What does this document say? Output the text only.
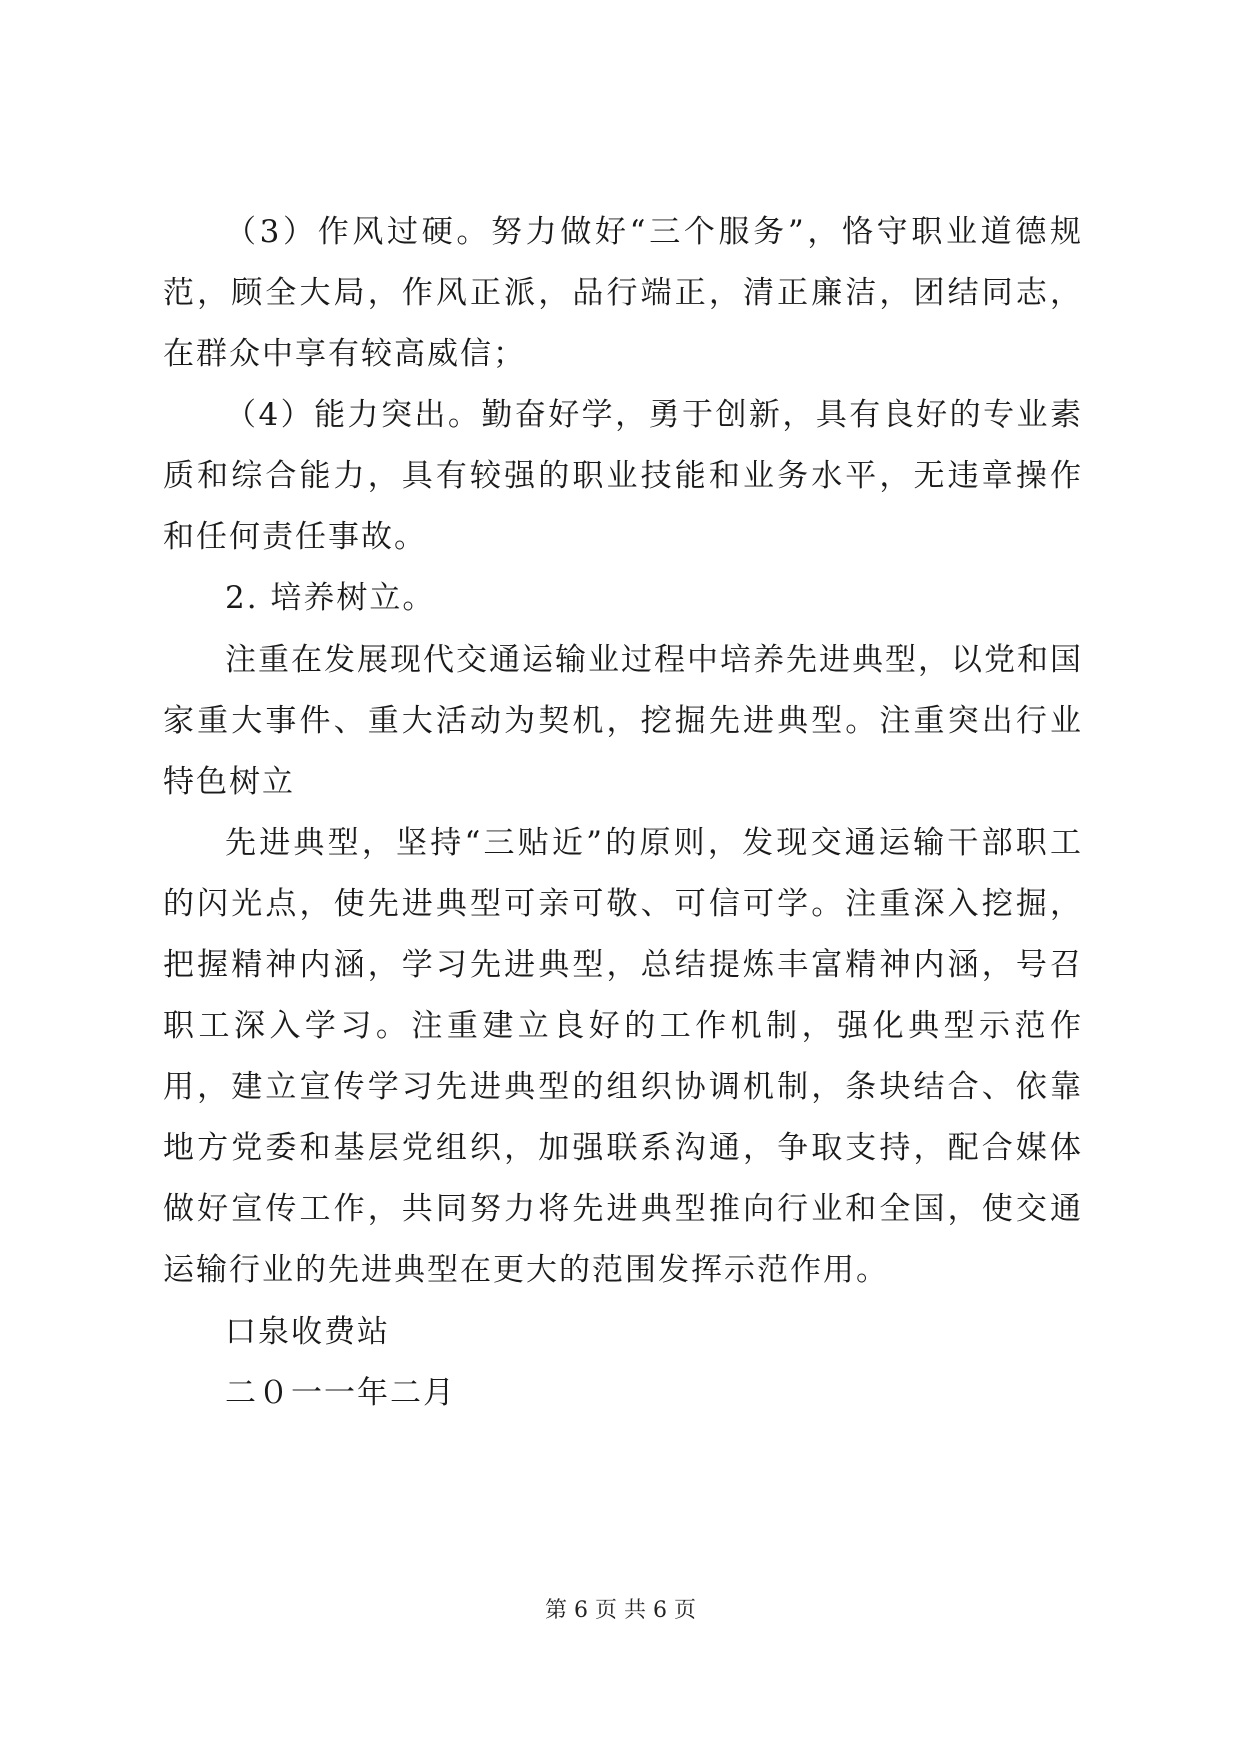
（3）作风过硬。努力做好“三个服务”，恪守职业道德规范，顾全大局，作风正派，品行端正，清正廉洁，团结同志，在群众中享有较高威信；

（4）能力突出。勤奋好学，勇于创新，具有良好的专业素质和综合能力，具有较强的职业技能和业务水平，无违章操作和任何责任事故。

2. 培养树立。

注重在发展现代交通运输业过程中培养先进典型，以党和国家重大事件、重大活动为契机，挖掘先进典型。注重突出行业特色树立

先进典型，坚持“三贴近”的原则，发现交通运输干部职工的闪光点，使先进典型可亲可敬、可信可学。注重深入挖掘，把握精神内涵，学习先进典型，总结提炼丰富精神内涵，号召职工深入学习。注重建立良好的工作机制，强化典型示范作用，建立宣传学习先进典型的组织协调机制，条块结合、依靠地方党委和基层党组织，加强联系沟通，争取支持，配合媒体做好宣传工作，共同努力将先进典型推向行业和全国，使交通运输行业的先进典型在更大的范围发挥示范作用。

口泉收费站

二０一一年二月

第 6 页 共 6 页
